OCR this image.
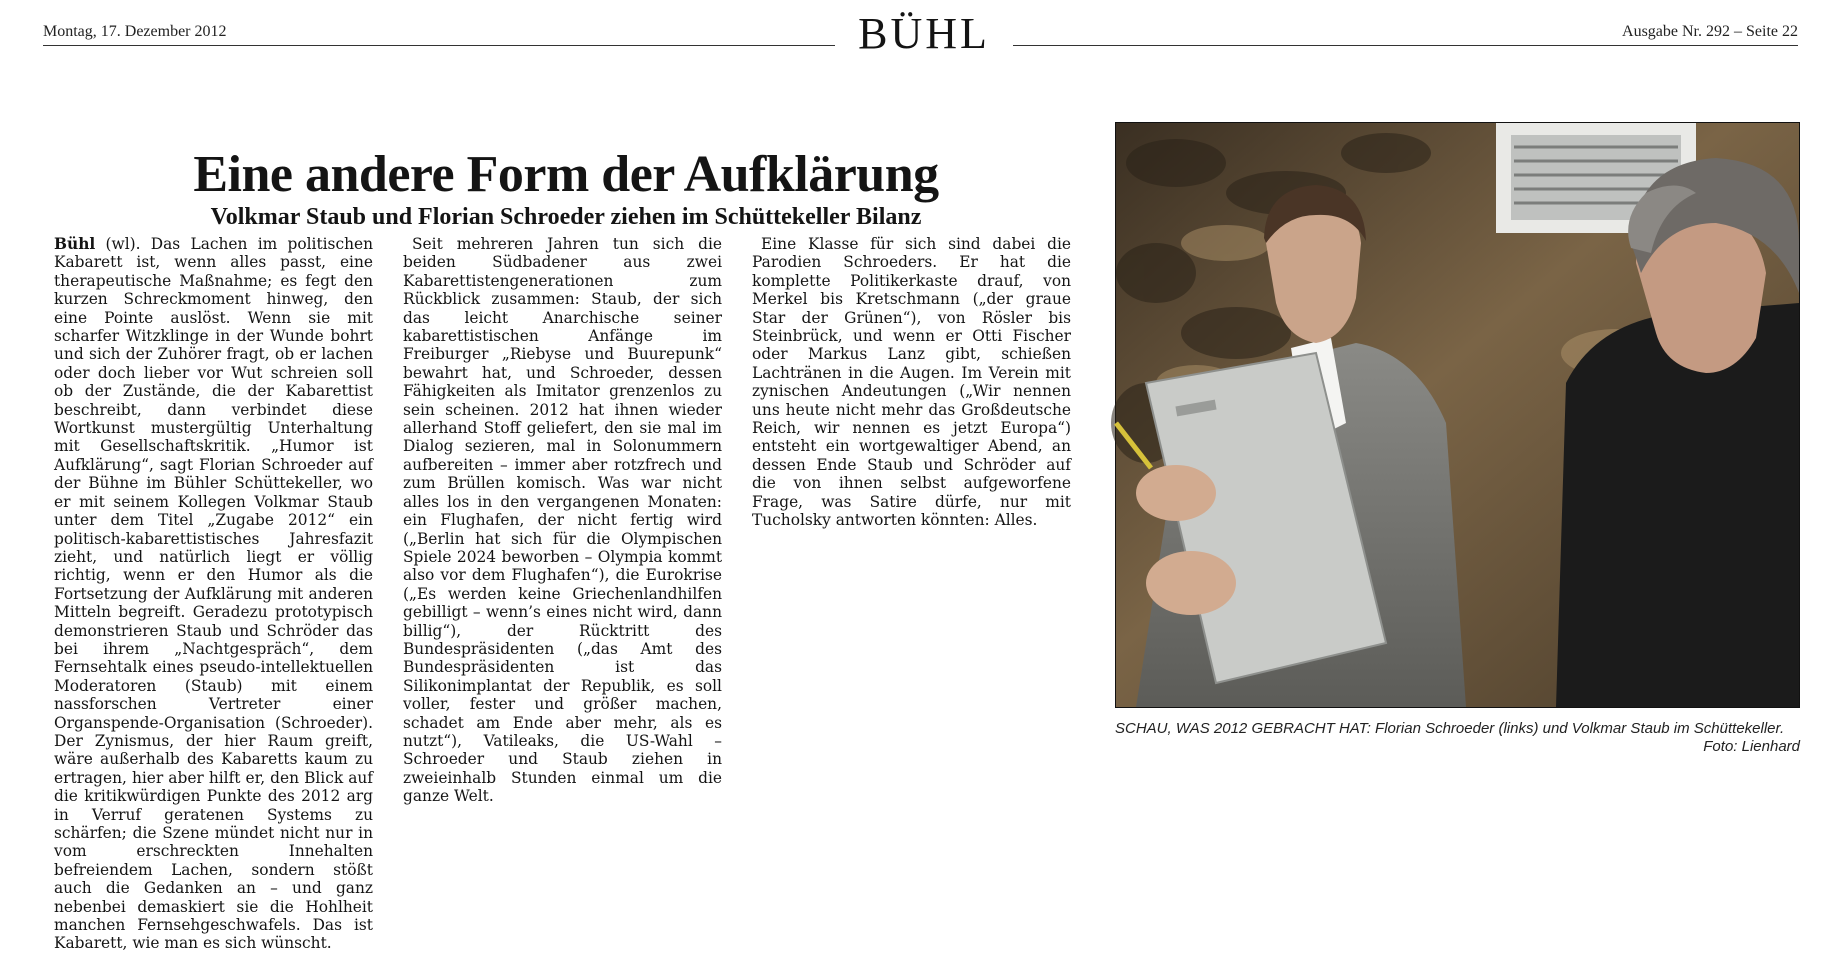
Montag, 17. Dezember 2012	BÜHL	Ausgabe Nr. 292 – Seite 22
Eine andere Form der Aufklärung
Volkmar Staub und Florian Schroeder ziehen im Schüttekeller Bilanz

Bühl (wl). Das Lachen im politischen Kabarett ist, wenn alles passt, eine therapeutische Maßnahme; es fegt den kurzen Schreckmoment hinweg, den eine Pointe auslöst. Wenn sie mit scharfer Witzklinge in der Wunde bohrt und sich der Zuhörer fragt, ob er lachen oder doch lieber vor Wut schreien soll ob der Zustände, die der Kabarettist beschreibt, dann verbindet diese Wortkunst mustergültig Unterhaltung mit Gesellschaftskritik. „Humor ist Aufklärung“, sagt Florian Schroeder auf der Bühne im Bühler Schüttekeller, wo er mit seinem Kollegen Volkmar Staub unter dem Titel „Zugabe 2012“ ein politisch-kabarettistisches Jahresfazit zieht, und natürlich liegt er völlig richtig, wenn er den Humor als die Fortsetzung der Aufklärung mit anderen Mitteln begreift. Geradezu prototypisch demonstrieren Staub und Schröder das bei ihrem „Nachtgespräch“, dem Fernsehtalk eines pseudo-intellektuellen Moderatoren (Staub) mit einem nassforschen Vertreter einer Organspende-Organisation (Schroeder). Der Zynismus, der hier Raum greift, wäre außerhalb des Kabaretts kaum zu ertragen, hier aber hilft er, den Blick auf die kritikwürdigen Punkte des 2012 arg in Verruf geratenen Systems zu schärfen; die Szene mündet nicht nur in vom erschreckten Innehalten befreiendem Lachen, sondern stößt auch die Gedanken an – und ganz nebenbei demaskiert sie die Hohlheit manchen Fernsehgeschwafels. Das ist Kabarett, wie man es sich wünscht.

Seit mehreren Jahren tun sich die beiden Südbadener aus zwei Kabarettistengenerationen zum Rückblick zusammen: Staub, der sich das leicht Anarchische seiner kabarettistischen Anfänge im Freiburger „Riebyse und Buurepunk“ bewahrt hat, und Schroeder, dessen Fähigkeiten als Imitator grenzenlos zu sein scheinen. 2012 hat ihnen wieder allerhand Stoff geliefert, den sie mal im Dialog sezieren, mal in Solonummern aufbereiten – immer aber rotzfrech und zum Brüllen komisch. Was war nicht alles los in den vergangenen Monaten: ein Flughafen, der nicht fertig wird („Berlin hat sich für die Olympischen Spiele 2024 beworben – Olympia kommt also vor dem Flughafen“), die Eurokrise („Es werden keine Griechenlandhilfen gebilligt – wenn’s eines nicht wird, dann billig“), der Rücktritt des Bundespräsidenten („das Amt des Bundespräsidenten ist das Silikonimplantat der Republik, es soll voller, fester und größer machen, schadet am Ende aber mehr, als es nutzt“), Vatileaks, die US-Wahl – Schroeder und Staub ziehen in zweieinhalb Stunden einmal um die ganze Welt.

Eine Klasse für sich sind dabei die Parodien Schroeders. Er hat die komplette Politikerkaste drauf, von Merkel bis Kretschmann („der graue Star der Grünen“), von Rösler bis Steinbrück, und wenn er Otti Fischer oder Markus Lanz gibt, schießen Lachtränen in die Augen. Im Verein mit zynischen Andeutungen („Wir nennen uns heute nicht mehr das Großdeutsche Reich, wir nennen es jetzt Europa“) entsteht ein wortgewaltiger Abend, an dessen Ende Staub und Schröder auf die von ihnen selbst aufgeworfene Frage, was Satire dürfe, nur mit Tucholsky antworten könnten: Alles.

SCHAU, WAS 2012 GEBRACHT HAT: Florian Schroeder (links) und Volkmar Staub im Schüttekeller.
Foto: Lienhard
